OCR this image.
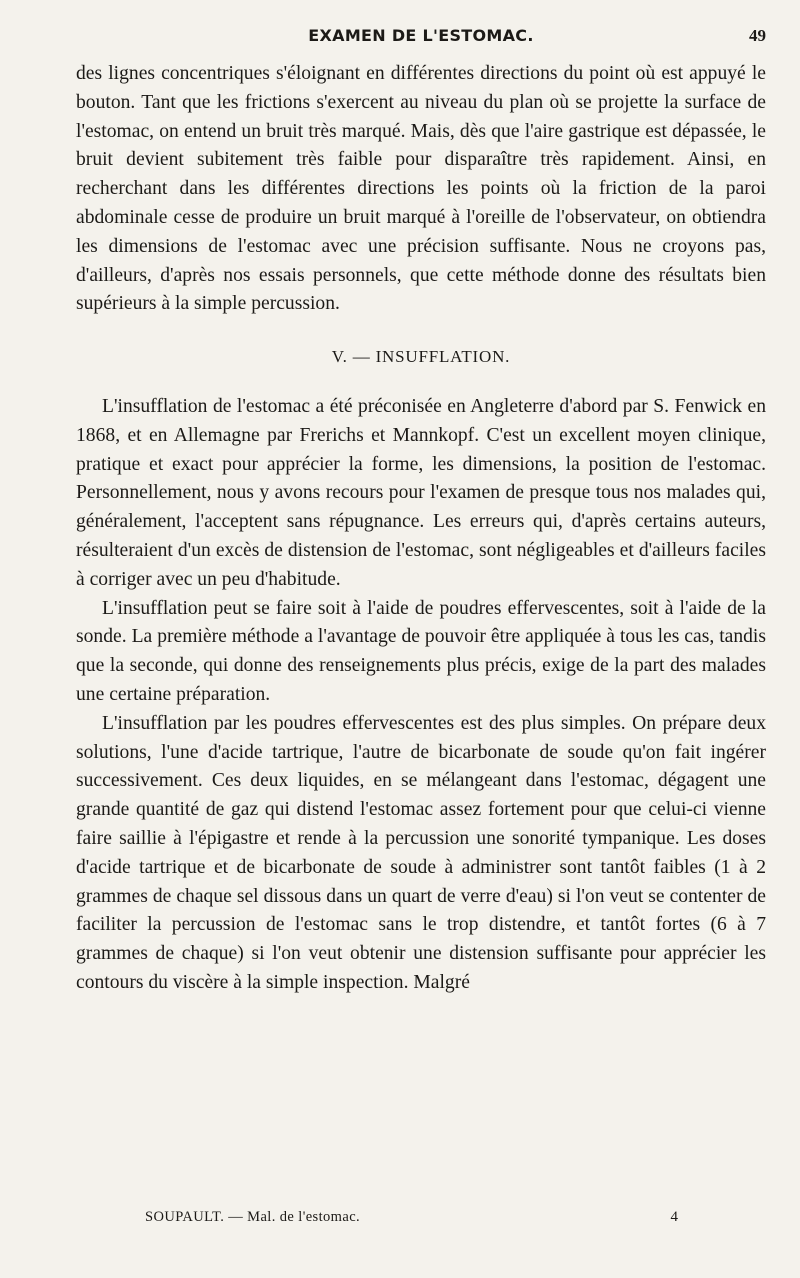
EXAMEN DE L'ESTOMAC.	49

des lignes concentriques s'éloignant en différentes directions du point où est appuyé le bouton. Tant que les frictions s'exercent au niveau du plan où se projette la surface de l'estomac, on entend un bruit très marqué. Mais, dès que l'aire gastrique est dépassée, le bruit devient subitement très faible pour disparaître très rapidement. Ainsi, en recherchant dans les différentes directions les points où la friction de la paroi abdominale cesse de produire un bruit marqué à l'oreille de l'observateur, on obtiendra les dimensions de l'estomac avec une précision suffisante. Nous ne croyons pas, d'ailleurs, d'après nos essais personnels, que cette méthode donne des résultats bien supérieurs à la simple percussion.

V. — INSUFFLATION.

L'insufflation de l'estomac a été préconisée en Angleterre d'abord par S. Fenwick en 1868, et en Allemagne par Frerichs et Mannkopf. C'est un excellent moyen clinique, pratique et exact pour apprécier la forme, les dimensions, la position de l'estomac. Personnellement, nous y avons recours pour l'examen de presque tous nos malades qui, généralement, l'acceptent sans répugnance. Les erreurs qui, d'après certains auteurs, résulteraient d'un excès de distension de l'estomac, sont négligeables et d'ailleurs faciles à corriger avec un peu d'habitude.

L'insufflation peut se faire soit à l'aide de poudres effervescentes, soit à l'aide de la sonde. La première méthode a l'avantage de pouvoir être appliquée à tous les cas, tandis que la seconde, qui donne des renseignements plus précis, exige de la part des malades une certaine préparation.

L'insufflation par les poudres effervescentes est des plus simples. On prépare deux solutions, l'une d'acide tartrique, l'autre de bicarbonate de soude qu'on fait ingérer successivement. Ces deux liquides, en se mélangeant dans l'estomac, dégagent une grande quantité de gaz qui distend l'estomac assez fortement pour que celui-ci vienne faire saillie à l'épigastre et rende à la percussion une sonorité tympanique. Les doses d'acide tartrique et de bicarbonate de soude à administrer sont tantôt faibles (1 à 2 grammes de chaque sel dissous dans un quart de verre d'eau) si l'on veut se contenter de faciliter la percussion de l'estomac sans le trop distendre, et tantôt fortes (6 à 7 grammes de chaque) si l'on veut obtenir une distension suffisante pour apprécier les contours du viscère à la simple inspection. Malgré

SOUPAULT. — Mal. de l'estomac.	4
